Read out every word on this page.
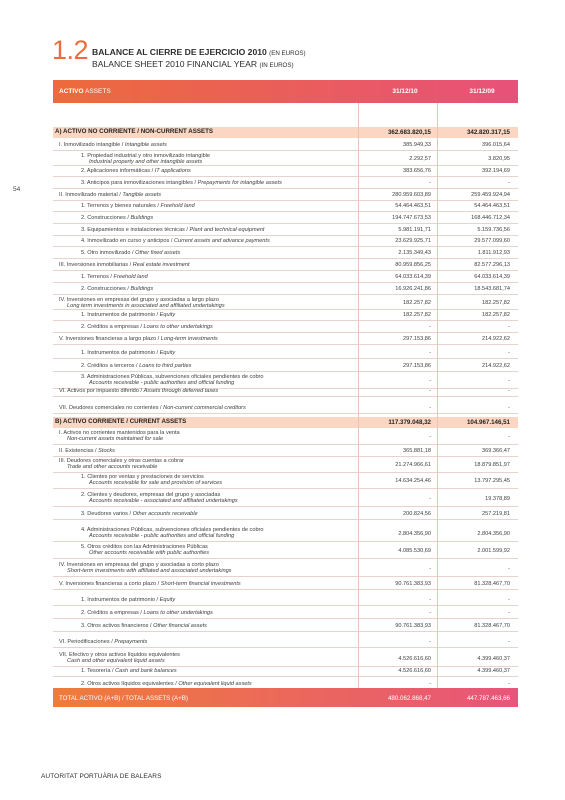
1.2 BALANCE AL CIERRE DE EJERCICIO 2010 (EN EUROS)
BALANCE SHEET 2010 FINANCIAL YEAR (IN EUROS)
54
ACTIVO ASSETS	31/12/10	31/12/09
A) ACTIVO NO CORRIENTE / NON-CURRENT ASSETS	362.683.820,15	342.820.317,15
I. Inmovilizado intangible / Intangible assets	385.949,33	396.015,64
1. Propiedad industrial y otro inmovilizado intangible
Industrial property and other intangible assets
2.292,57	3.820,95
2. Aplicaciones informáticas / IT applications	383.656,76	392.194,69
3. Anticipos para inmovilizaciones intangibles / Prepayments for intangible assets	-	-
II. Inmovilizado material / Tangible assets	280.959.603,89	259.459.924,94
1. Terrenos y bienes naturales / Freehold land	54.464.463,51	54.464.463,51
2. Construcciones / Buildings	194.747.673,53	168.446.712,34
3. Equipamientos e instalaciones técnicas / Plant and technical equipment	5.981.191,71	5.159.736,56
4. Inmovilizado en curso y anticipos / Current assets and advance payments	23.629.925,71	29.577.099,60
5. Otro inmovilizado / Other fixed assets	2.135.349,43	1.811.912,93
III. Inversiones inmobiliarias / Real estate investment	80.959.856,25	82.577.296,13
1. Terrenos / Freehold land	64.033.614,39	64.033.614,39
2. Construcciones / Buildings	16.926.241,86	18.543.681,74
IV. Inversiones en empresas del grupo y asociadas a largo plazo
Long term investments in associated and affiliated undertakings
182.257,82	182.257,82
1. Instrumentos de patrimonio / Equity	182.257,82	182.257,82
2. Créditos a empresas / Loans to other undertakings	-	-
V. Inversiones financieras a largo plazo / Long-term investments	297.153,86	214.922,62
1. Instrumentos de patrimonio / Equity	-	-
2. Créditos a terceros / Loans to third parties	297.153,86	214.922,62
3. Administraciones Públicas, subvenciones oficiales pendientes de cobro
Accounts receivable - public authorities and official funding	-	-
VI. Activos por impuesto diferido / Assets through deferred taxes	-	-
VII. Deudores comerciales no corrientes / Non-current commercial creditors	-	-
B) ACTIVO CORRIENTE / CURRENT ASSETS	117.379.048,32	104.967.146,51
I. Activos no corrientes mantenidos para la venta
Non-current assets maintained for sale	-	-
II. Existencias / Stocks	365.881,18	369.366,47
III. Deudores comerciales y otras cuentas a cobrar
Trade and other accounts receivable	21.274.966,61	18.879.851,97
1. Clientes por ventas y prestaciones de servicios
Accounts receivable for sale and provision of services	14.634.254,46	13.797.295,45
2. Clientes y deudores, empresas del grupo y asociadas
Accounts receivable - associated and affiliated undertakings	-	19.378,89
3. Deudores varios / Other accounts receivable	200.824,56	257.219,81
4. Administraciones Públicas, subvenciones oficiales pendientes de cobro
Accounts receivable - public authorities and official funding	2.804.356,90	2.804.356,90
5. Otros créditos con las Administraciones Públicas
Other accounts receivable with public authorities	4.085.530,69	2.001.599,92
IV. Inversiones en empresas del grupo y asociadas a corto plazo
Short-term investments with affiliated and associated undertakings	-	-
V. Inversiones financieras a corto plazo / Short-term financial investments	90.761.383,93	81.328.467,70
1. Instrumentos de patrimonio / Equity	-	-
2. Créditos a empresas / Loans to other undertakings	-	-
3. Otros activos financieros / Other financial assets	90.761.383,93	81.328.467,70
VI. Periodificaciones / Prepayments	-	-
VII. Efectivo y otros activos líquidos equivalentes
Cash and other equivalent liquid assets	4.526.616,60	4.399.460,37
1. Tesorería / Cash and bank balances	4.526.616,60	4.399.460,37
2. Otros activos líquidos equivalentes / Other equivalent liquid assets	-	-
TOTAL ACTIVO (A+B) / TOTAL ASSETS (A+B)	480.062.868,47	447.787.463,66
AUTORITAT PORTUÀRIA DE BALEARS
